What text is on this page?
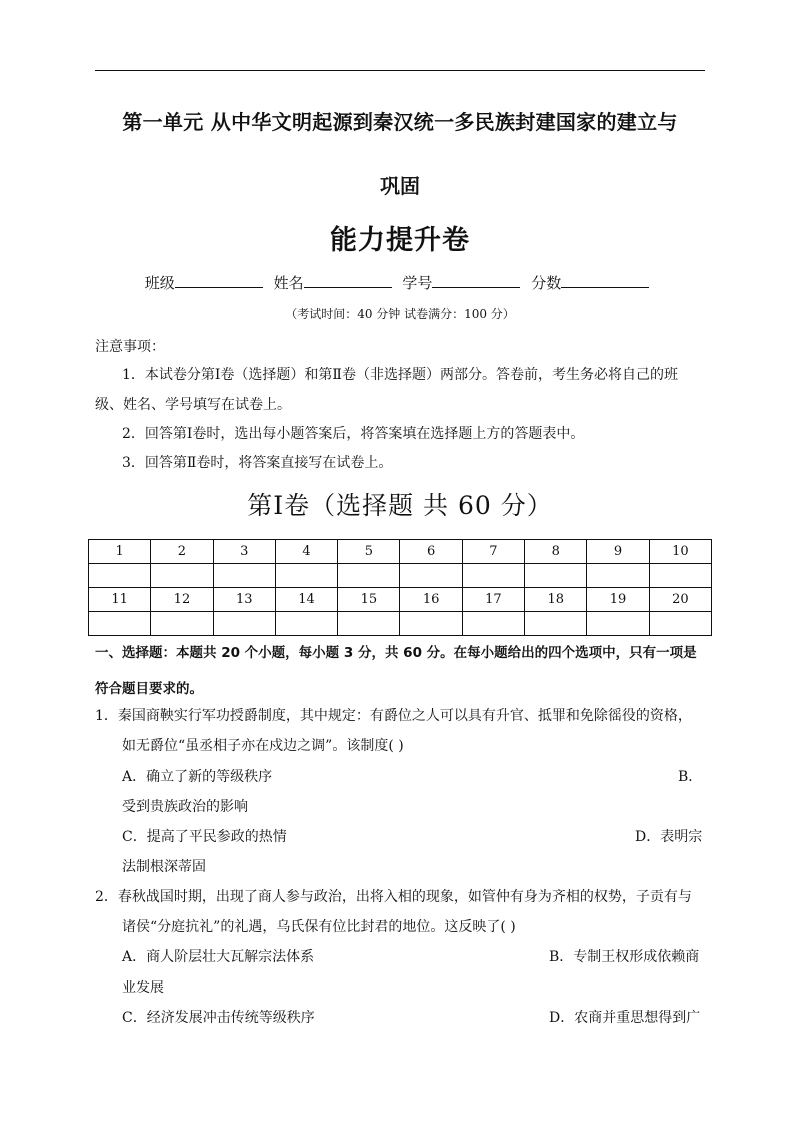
第一单元 从中华文明起源到秦汉统一多民族封建国家的建立与
巩固
能力提升卷
班级	姓名	学号	分数
（考试时间：40 分钟 试卷满分：100 分）
注意事项：
1．本试卷分第Ⅰ卷（选择题）和第Ⅱ卷（非选择题）两部分。答卷前，考生务必将自己的班
级、姓名、学号填写在试卷上。
2．回答第Ⅰ卷时，选出每小题答案后，将答案填在选择题上方的答题表中。
3．回答第Ⅱ卷时，将答案直接写在试卷上。
第Ⅰ卷（选择题 共 60 分）
1	2	3	4	5	6	7	8	9	10

11	12	13	14	15	16	17	18	19	20

一、选择题：本题共 20 个小题，每小题 3 分，共 60 分。在每小题给出的四个选项中，只有一项是
符合题目要求的。
1．秦国商鞅实行军功授爵制度，其中规定：有爵位之人可以具有升官、抵罪和免除徭役的资格，
如无爵位“虽丞相子亦在戍边之调”。该制度( )
A．确立了新的等级秩序	B．
受到贵族政治的影响
C．提高了平民参政的热情	D．表明宗
法制根深蒂固
2．春秋战国时期，出现了商人参与政治，出将入相的现象，如管仲有身为齐相的权势，子贡有与
诸侯“分庭抗礼”的礼遇，乌氏保有位比封君的地位。这反映了( )
A．商人阶层壮大瓦解宗法体系	B．专制王权形成依赖商
业发展
C．经济发展冲击传统等级秩序	D．农商并重思想得到广
